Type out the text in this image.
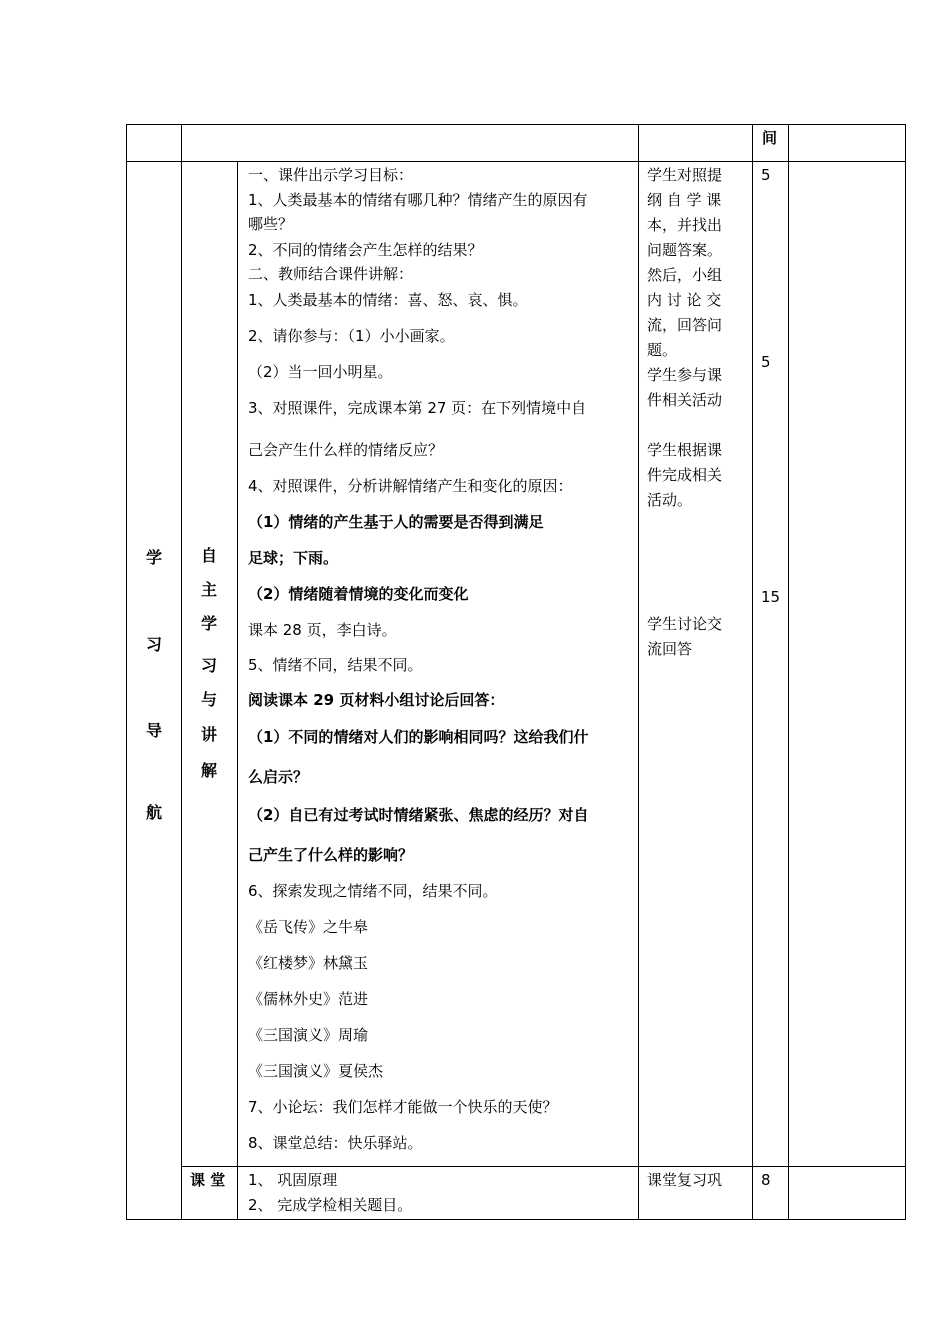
间
学
习
导
航
自
主
学
习
与
讲
解
一、课件出示学习目标：
1、人类最基本的情绪有哪几种？情绪产生的原因有
哪些？
2、不同的情绪会产生怎样的结果？
二、教师结合课件讲解：
1、人类最基本的情绪：喜、怒、哀、惧。
2、请你参与：（1）小小画家。
（2）当一回小明星。
3、对照课件，完成课本第 27 页：在下列情境中自
己会产生什么样的情绪反应？
4、对照课件，分析讲解情绪产生和变化的原因：
（1）情绪的产生基于人的需要是否得到满足
足球；下雨。
（2）情绪随着情境的变化而变化
课本 28 页，李白诗。
5、情绪不同，结果不同。
阅读课本 29 页材料小组讨论后回答：
（1）不同的情绪对人们的影响相同吗？这给我们什
么启示？
（2）自已有过考试时情绪紧张、焦虑的经历？对自
己产生了什么样的影响？
6、探索发现之情绪不同，结果不同。
《岳飞传》之牛皋
《红楼梦》林黛玉
《儒林外史》范进
《三国演义》周瑜
《三国演义》夏侯杰
7、小论坛：我们怎样才能做一个快乐的天使？
8、课堂总结：快乐驿站。
学生对照提
纲 自 学 课
本，并找出
问题答案。
然后，小组
内 讨 论 交
流，回答问
题。
学生参与课
件相关活动
学生根据课
件完成相关
活动。
学生讨论交
流回答
5
5
15
课 堂 1、 巩固原理
2、 完成学检相关题目。
课堂复习巩	8
